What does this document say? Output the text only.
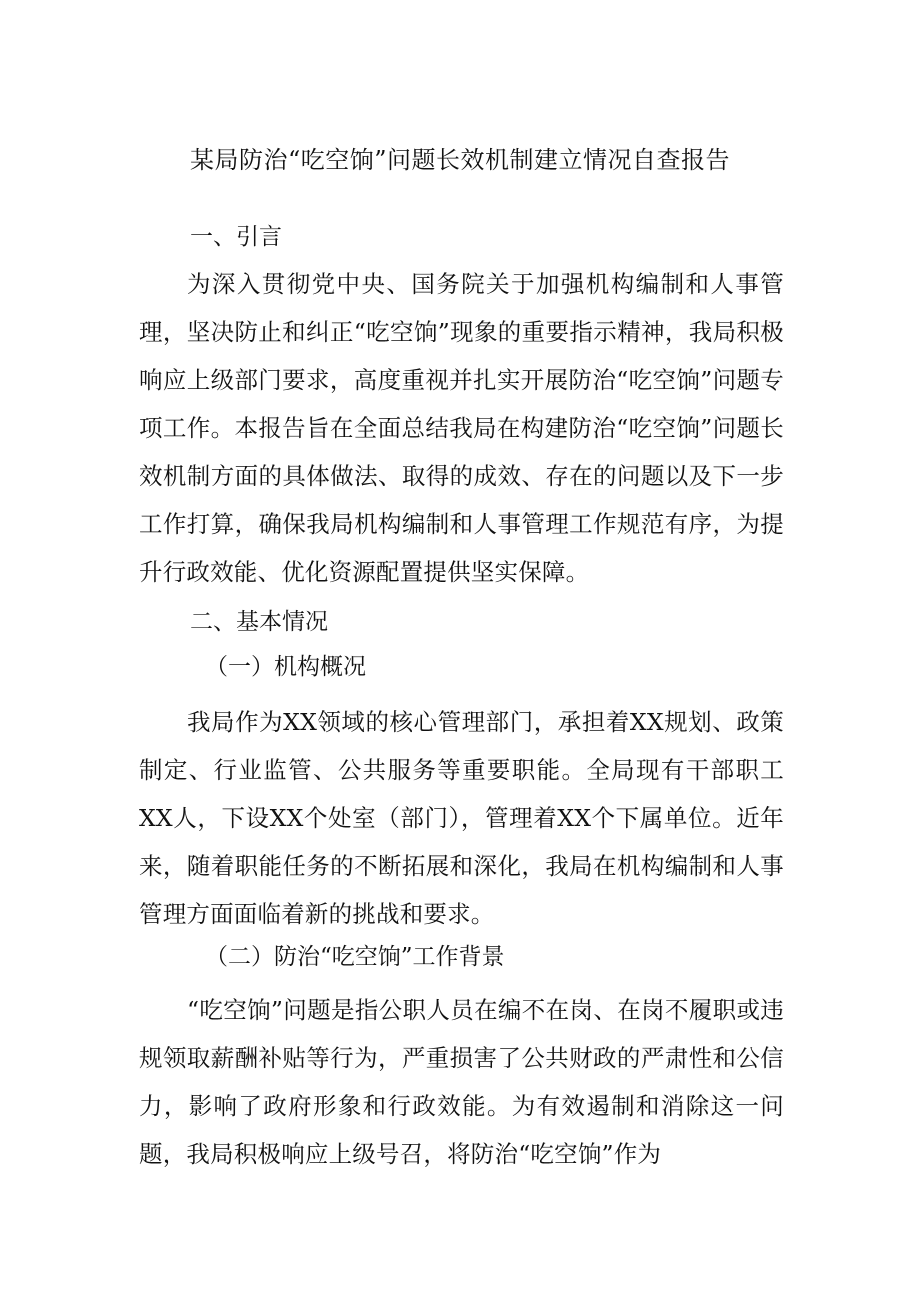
某局防治“吃空饷”问题长效机制建立情况自查报告
一、引言
为深入贯彻党中央、国务院关于加强机构编制和人事管理，坚决防止和纠正“吃空饷”现象的重要指示精神，我局积极响应上级部门要求，高度重视并扎实开展防治“吃空饷”问题专项工作。本报告旨在全面总结我局在构建防治“吃空饷”问题长效机制方面的具体做法、取得的成效、存在的问题以及下一步工作打算，确保我局机构编制和人事管理工作规范有序，为提升行政效能、优化资源配置提供坚实保障。
二、基本情况
（一）机构概况
我局作为XX领域的核心管理部门，承担着XX规划、政策制定、行业监管、公共服务等重要职能。全局现有干部职工XX人，下设XX个处室（部门），管理着XX个下属单位。近年来，随着职能任务的不断拓展和深化，我局在机构编制和人事管理方面面临着新的挑战和要求。
（二）防治“吃空饷”工作背景
“吃空饷”问题是指公职人员在编不在岗、在岗不履职或违规领取薪酬补贴等行为，严重损害了公共财政的严肃性和公信力，影响了政府形象和行政效能。为有效遏制和消除这一问题，我局积极响应上级号召，将防治“吃空饷”作为
